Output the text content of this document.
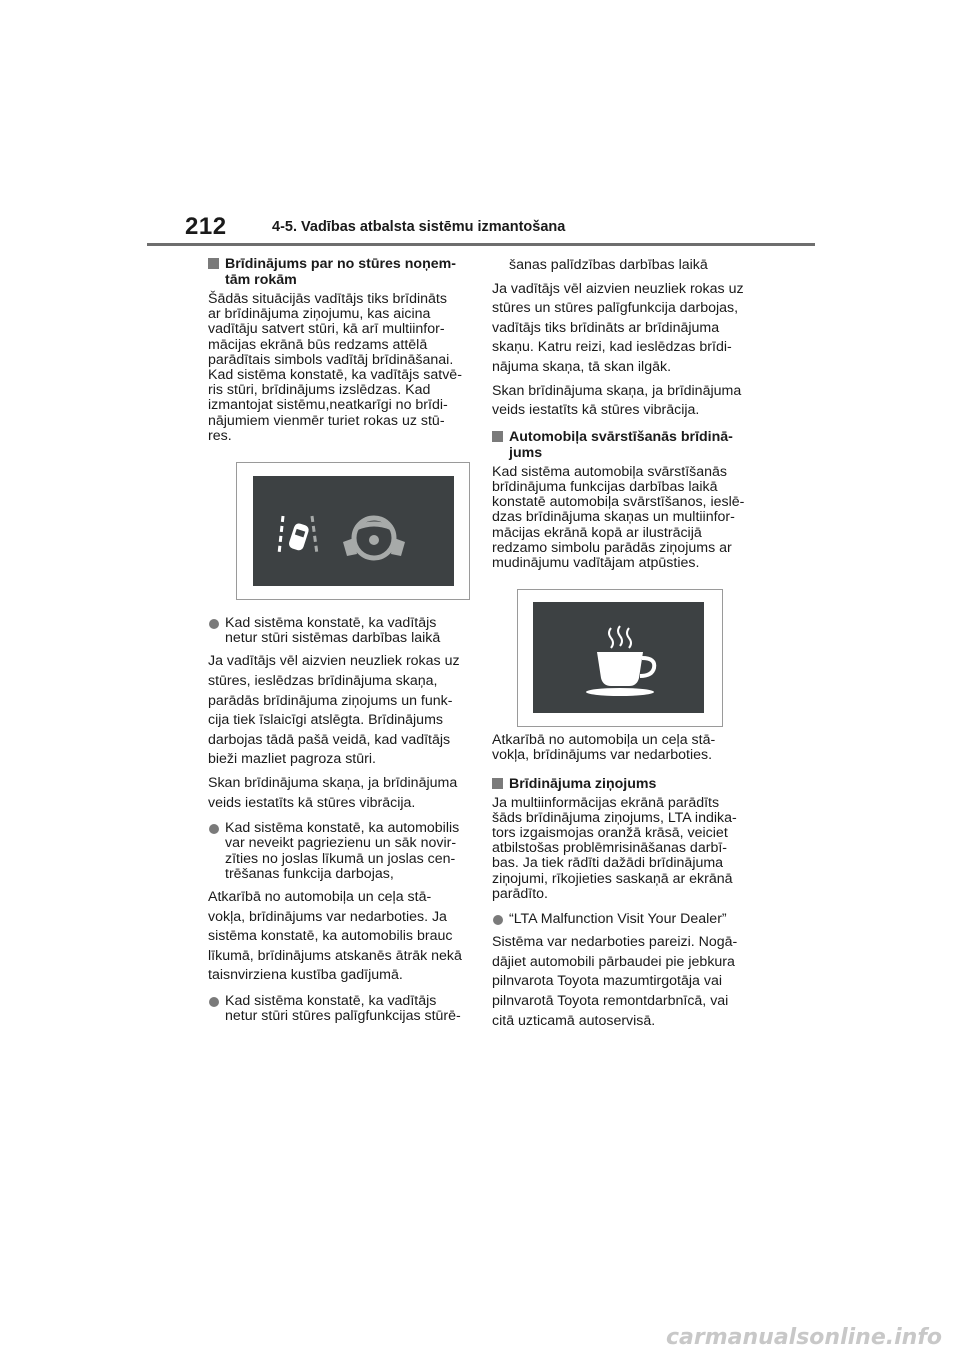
212	4-5. Vadības atbalsta sistēmu izmantošana
Brīdinājums par no stūres noņem-
tām rokām
Šādās situācijās vadītājs tiks brīdināts
ar brīdinājuma ziņojumu, kas aicina
vadītāju satvert stūri, kā arī multiinfor-
mācijas ekrānā būs redzams attēlā
parādītais simbols vadītāj brīdināšanai.
Kad sistēma konstatē, ka vadītājs satvē-
ris stūri, brīdinājums izslēdzas. Kad
izmantojat sistēmu,neatkarīgi no brīdi-
nājumiem vienmēr turiet rokas uz stū-
res.
Kad sistēma konstatē, ka vadītājs
netur stūri sistēmas darbības laikā
Ja vadītājs vēl aizvien neuzliek rokas uz
stūres, ieslēdzas brīdinājuma skaņa,
parādās brīdinājuma ziņojums un funk-
cija tiek īslaicīgi atslēgta. Brīdinājums
darbojas tādā pašā veidā, kad vadītājs
bieži mazliet pagroza stūri.
Skan brīdinājuma skaņa, ja brīdinājuma
veids iestatīts kā stūres vibrācija.
Kad sistēma konstatē, ka automobilis
var neveikt pagriezienu un sāk novir-
zīties no joslas līkumā un joslas cen-
trēšanas funkcija darbojas,
Atkarībā no automobiļa un ceļa stā-
vokļa, brīdinājums var nedarboties. Ja
sistēma konstatē, ka automobilis brauc
līkumā, brīdinājums atskanēs ātrāk nekā
taisnvirziena kustība gadījumā.
Kad sistēma konstatē, ka vadītājs
netur stūri stūres palīgfunkcijas stūrē-
šanas palīdzības darbības laikā
Ja vadītājs vēl aizvien neuzliek rokas uz
stūres un stūres palīgfunkcija darbojas,
vadītājs tiks brīdināts ar brīdinājuma
skaņu. Katru reizi, kad ieslēdzas brīdi-
nājuma skaņa, tā skan ilgāk.
Skan brīdinājuma skaņa, ja brīdinājuma
veids iestatīts kā stūres vibrācija.
Automobiļa svārstīšanās brīdinā-
jums
Kad sistēma automobiļa svārstīšanās
brīdinājuma funkcijas darbības laikā
konstatē automobiļa svārstīšanos, ieslē-
dzas brīdinājuma skaņas un multiinfor-
mācijas ekrānā kopā ar ilustrācijā
redzamo simbolu parādās ziņojums ar
mudinājumu vadītājam atpūsties.
Atkarībā no automobiļa un ceļa stā-
vokļa, brīdinājums var nedarboties.
Brīdinājuma ziņojums
Ja multiinformācijas ekrānā parādīts
šāds brīdinājuma ziņojums, LTA indika-
tors izgaismojas oranžā krāsā, veiciet
atbilstošas problēmrisināšanas darbī-
bas. Ja tiek rādīti dažādi brīdinājuma
ziņojumi, rīkojieties saskaņā ar ekrānā
parādīto.
“LTA Malfunction Visit Your Dealer”
Sistēma var nedarboties pareizi. Nogā-
dājiet automobili pārbaudei pie jebkura
pilnvarota Toyota mazumtirgotāja vai
pilnvarotā Toyota remontdarbnīcā, vai
citā uzticamā autoservisā.
carmanualsonline.info
